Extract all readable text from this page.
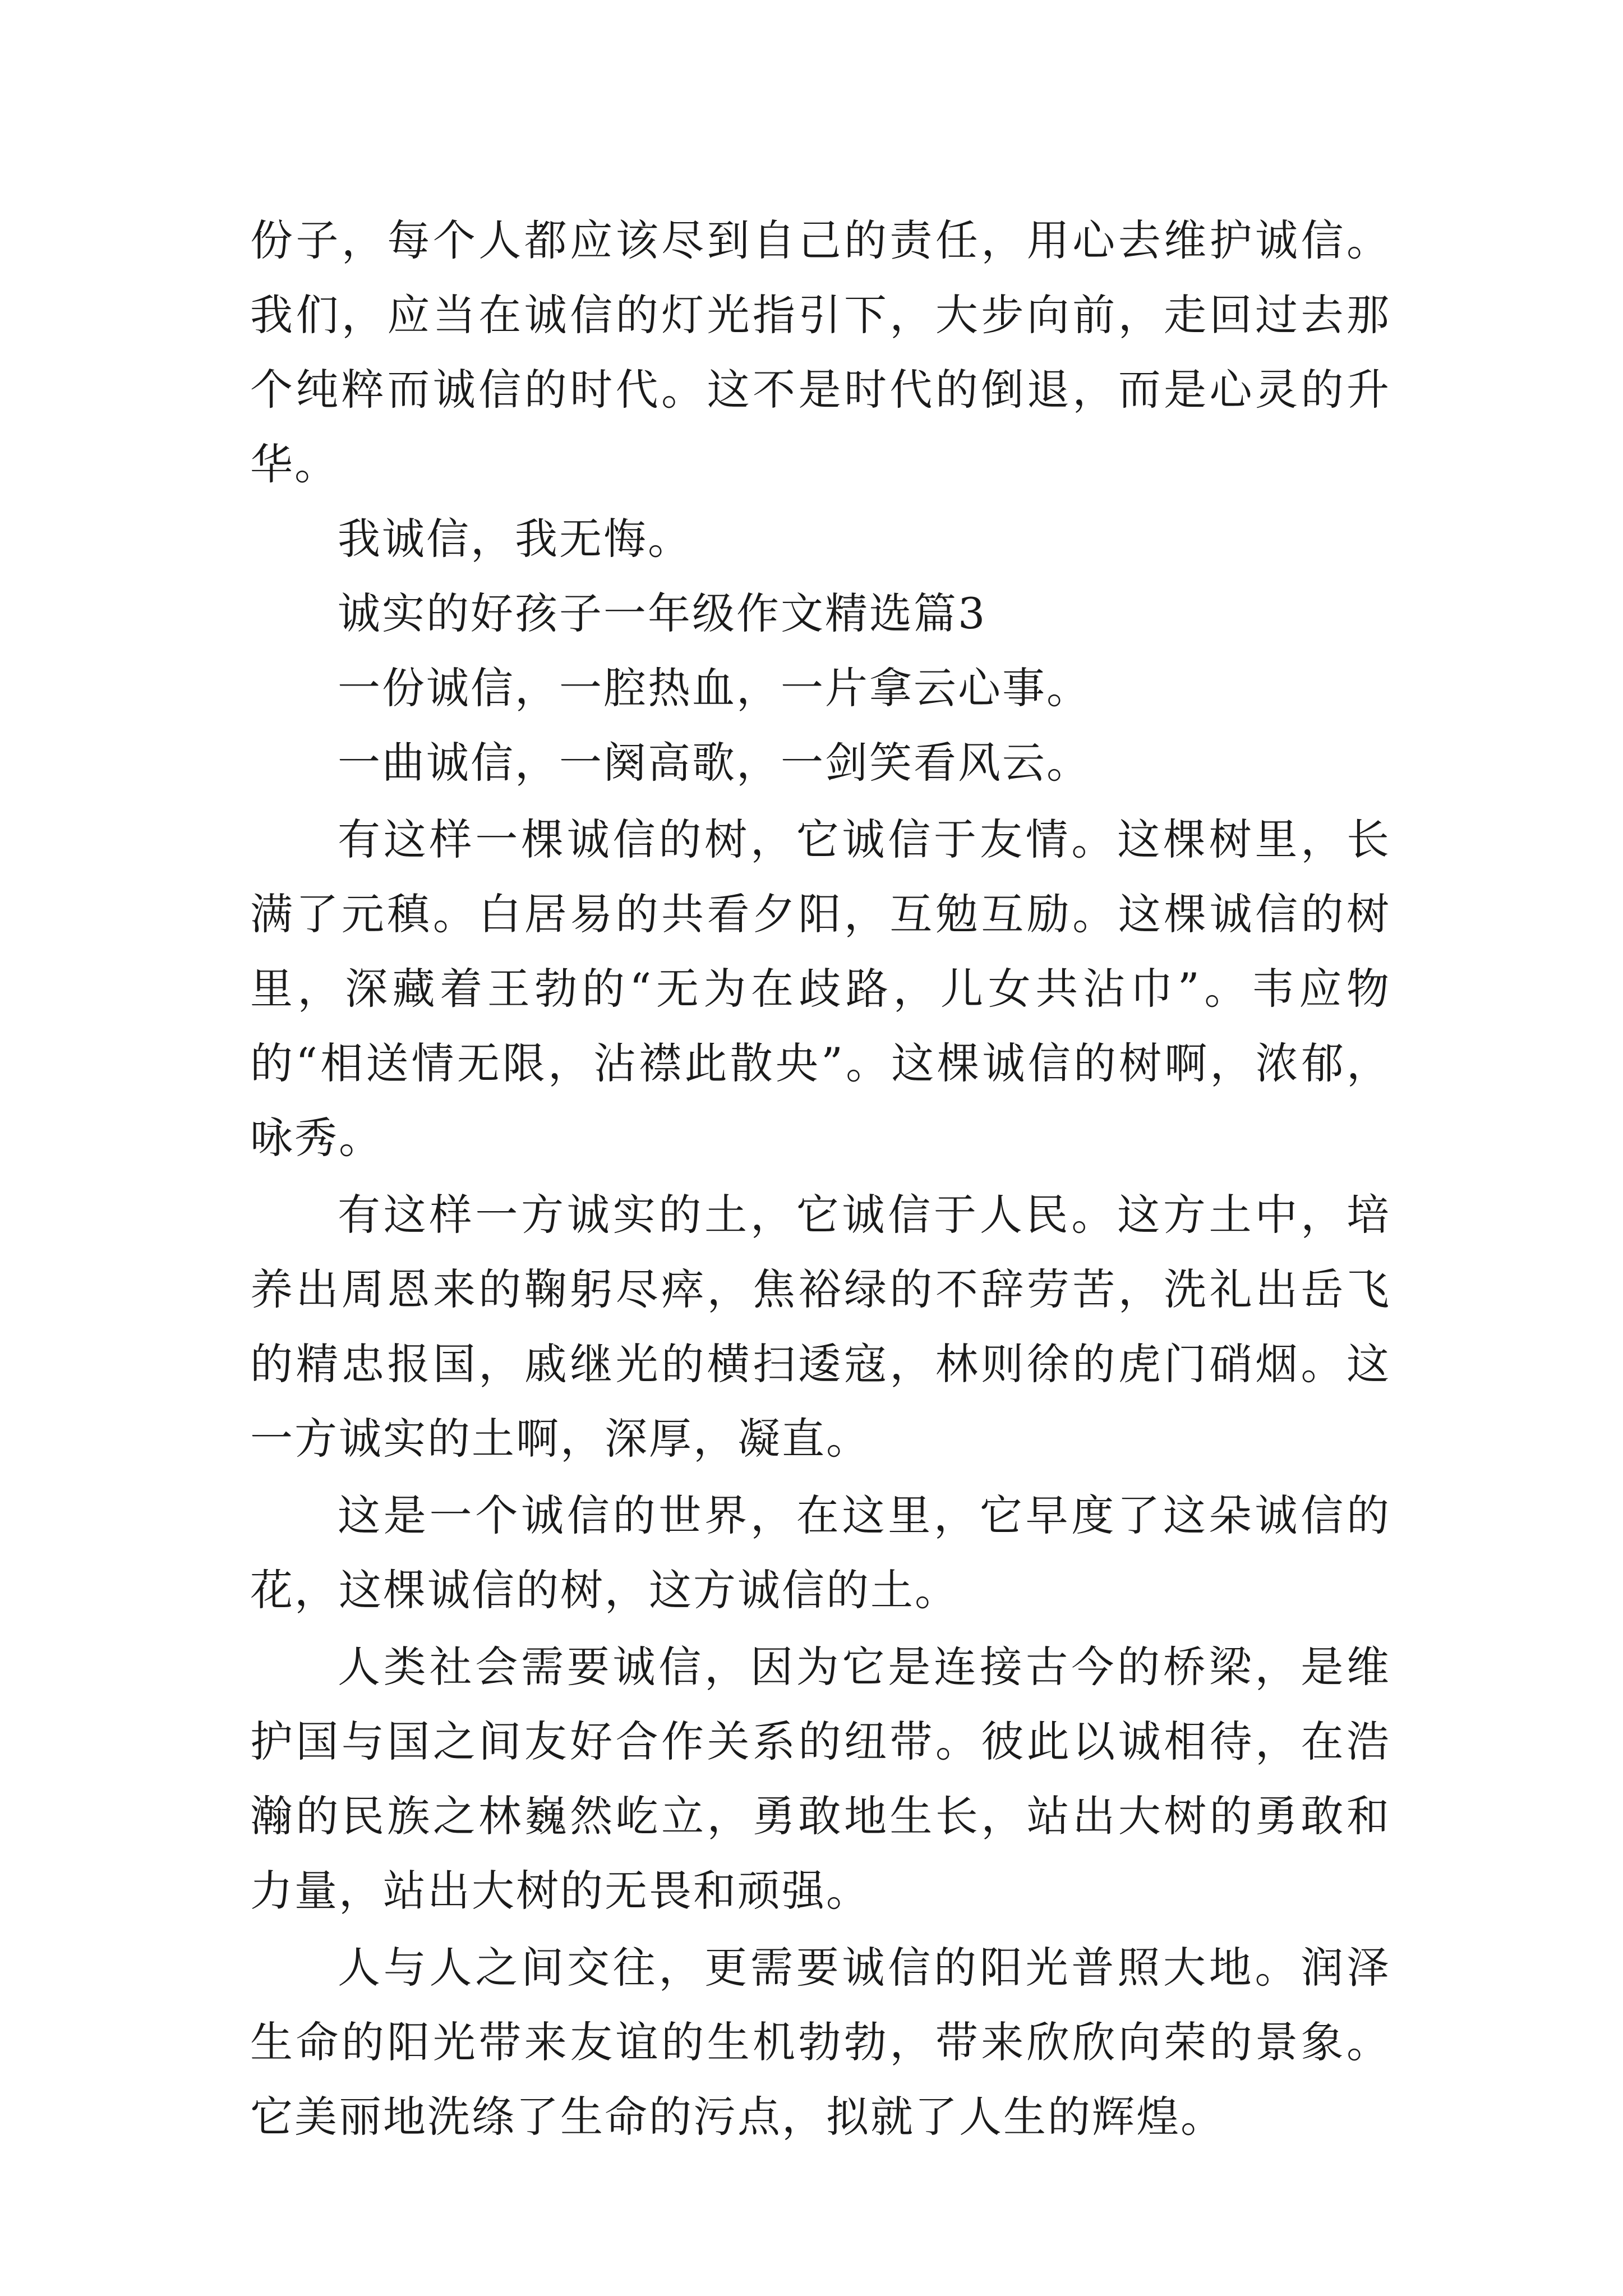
份子，每个人都应该尽到自己的责任，用心去维护诚信。我们，应当在诚信的灯光指引下，大步向前，走回过去那个纯粹而诚信的时代。这不是时代的倒退，而是心灵的升华。

我诚信，我无悔。

诚实的好孩子一年级作文精选篇3

一份诚信，一腔热血，一片拿云心事。

一曲诚信，一阕高歌，一剑笑看风云。

有这样一棵诚信的树，它诚信于友情。这棵树里，长满了元稹。白居易的共看夕阳，互勉互励。这棵诚信的树里，深藏着王勃的“无为在歧路，儿女共沾巾”。韦应物的“相送情无限，沾襟此散央”。这棵诚信的树啊，浓郁，咏秀。

有这样一方诚实的土，它诚信于人民。这方土中，培养出周恩来的鞠躬尽瘁，焦裕绿的不辞劳苦，洗礼出岳飞的精忠报国，戚继光的横扫逶寇，林则徐的虎门硝烟。这一方诚实的土啊，深厚，凝直。

这是一个诚信的世界，在这里，它早度了这朵诚信的花，这棵诚信的树，这方诚信的土。

人类社会需要诚信，因为它是连接古今的桥梁，是维护国与国之间友好合作关系的纽带。彼此以诚相待，在浩瀚的民族之林巍然屹立，勇敢地生长，站出大树的勇敢和力量，站出大树的无畏和顽强。

人与人之间交往，更需要诚信的阳光普照大地。润泽生命的阳光带来友谊的生机勃勃，带来欣欣向荣的景象。它美丽地洗绦了生命的污点，拟就了人生的辉煌。
